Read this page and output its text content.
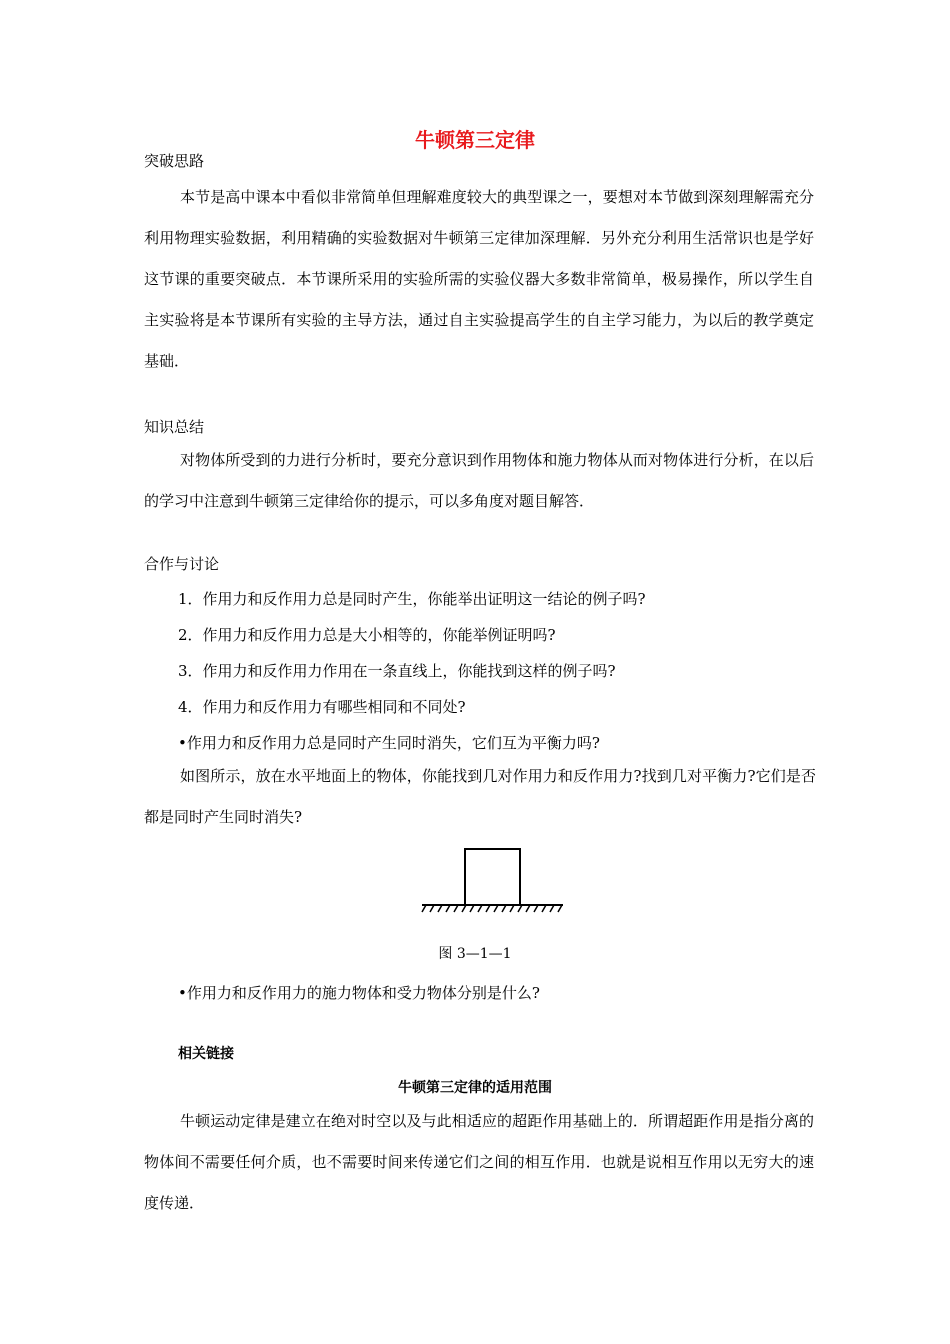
牛顿第三定律
突破思路
本节是高中课本中看似非常简单但理解难度较大的典型课之一，要想对本节做到深刻理解需充分利用物理实验数据，利用精确的实验数据对牛顿第三定律加深理解．另外充分利用生活常识也是学好这节课的重要突破点．本节课所采用的实验所需的实验仪器大多数非常简单，极易操作，所以学生自主实验将是本节课所有实验的主导方法，通过自主实验提高学生的自主学习能力，为以后的教学奠定基础．
知识总结
对物体所受到的力进行分析时，要充分意识到作用物体和施力物体从而对物体进行分析，在以后的学习中注意到牛顿第三定律给你的提示，可以多角度对题目解答．
合作与讨论
1．作用力和反作用力总是同时产生，你能举出证明这一结论的例子吗?
2．作用力和反作用力总是大小相等的，你能举例证明吗?
3．作用力和反作用力作用在一条直线上，你能找到这样的例子吗?
4．作用力和反作用力有哪些相同和不同处?
•作用力和反作用力总是同时产生同时消失，它们互为平衡力吗?
如图所示，放在水平地面上的物体，你能找到几对作用力和反作用力?找到几对平衡力?它们是否都是同时产生同时消失?
图 3—1—1
•作用力和反作用力的施力物体和受力物体分别是什么?
相关链接
牛顿第三定律的适用范围
牛顿运动定律是建立在绝对时空以及与此相适应的超距作用基础上的．所谓超距作用是指分离的物体间不需要任何介质，也不需要时间来传递它们之间的相互作用．也就是说相互作用以无穷大的速度传递．
